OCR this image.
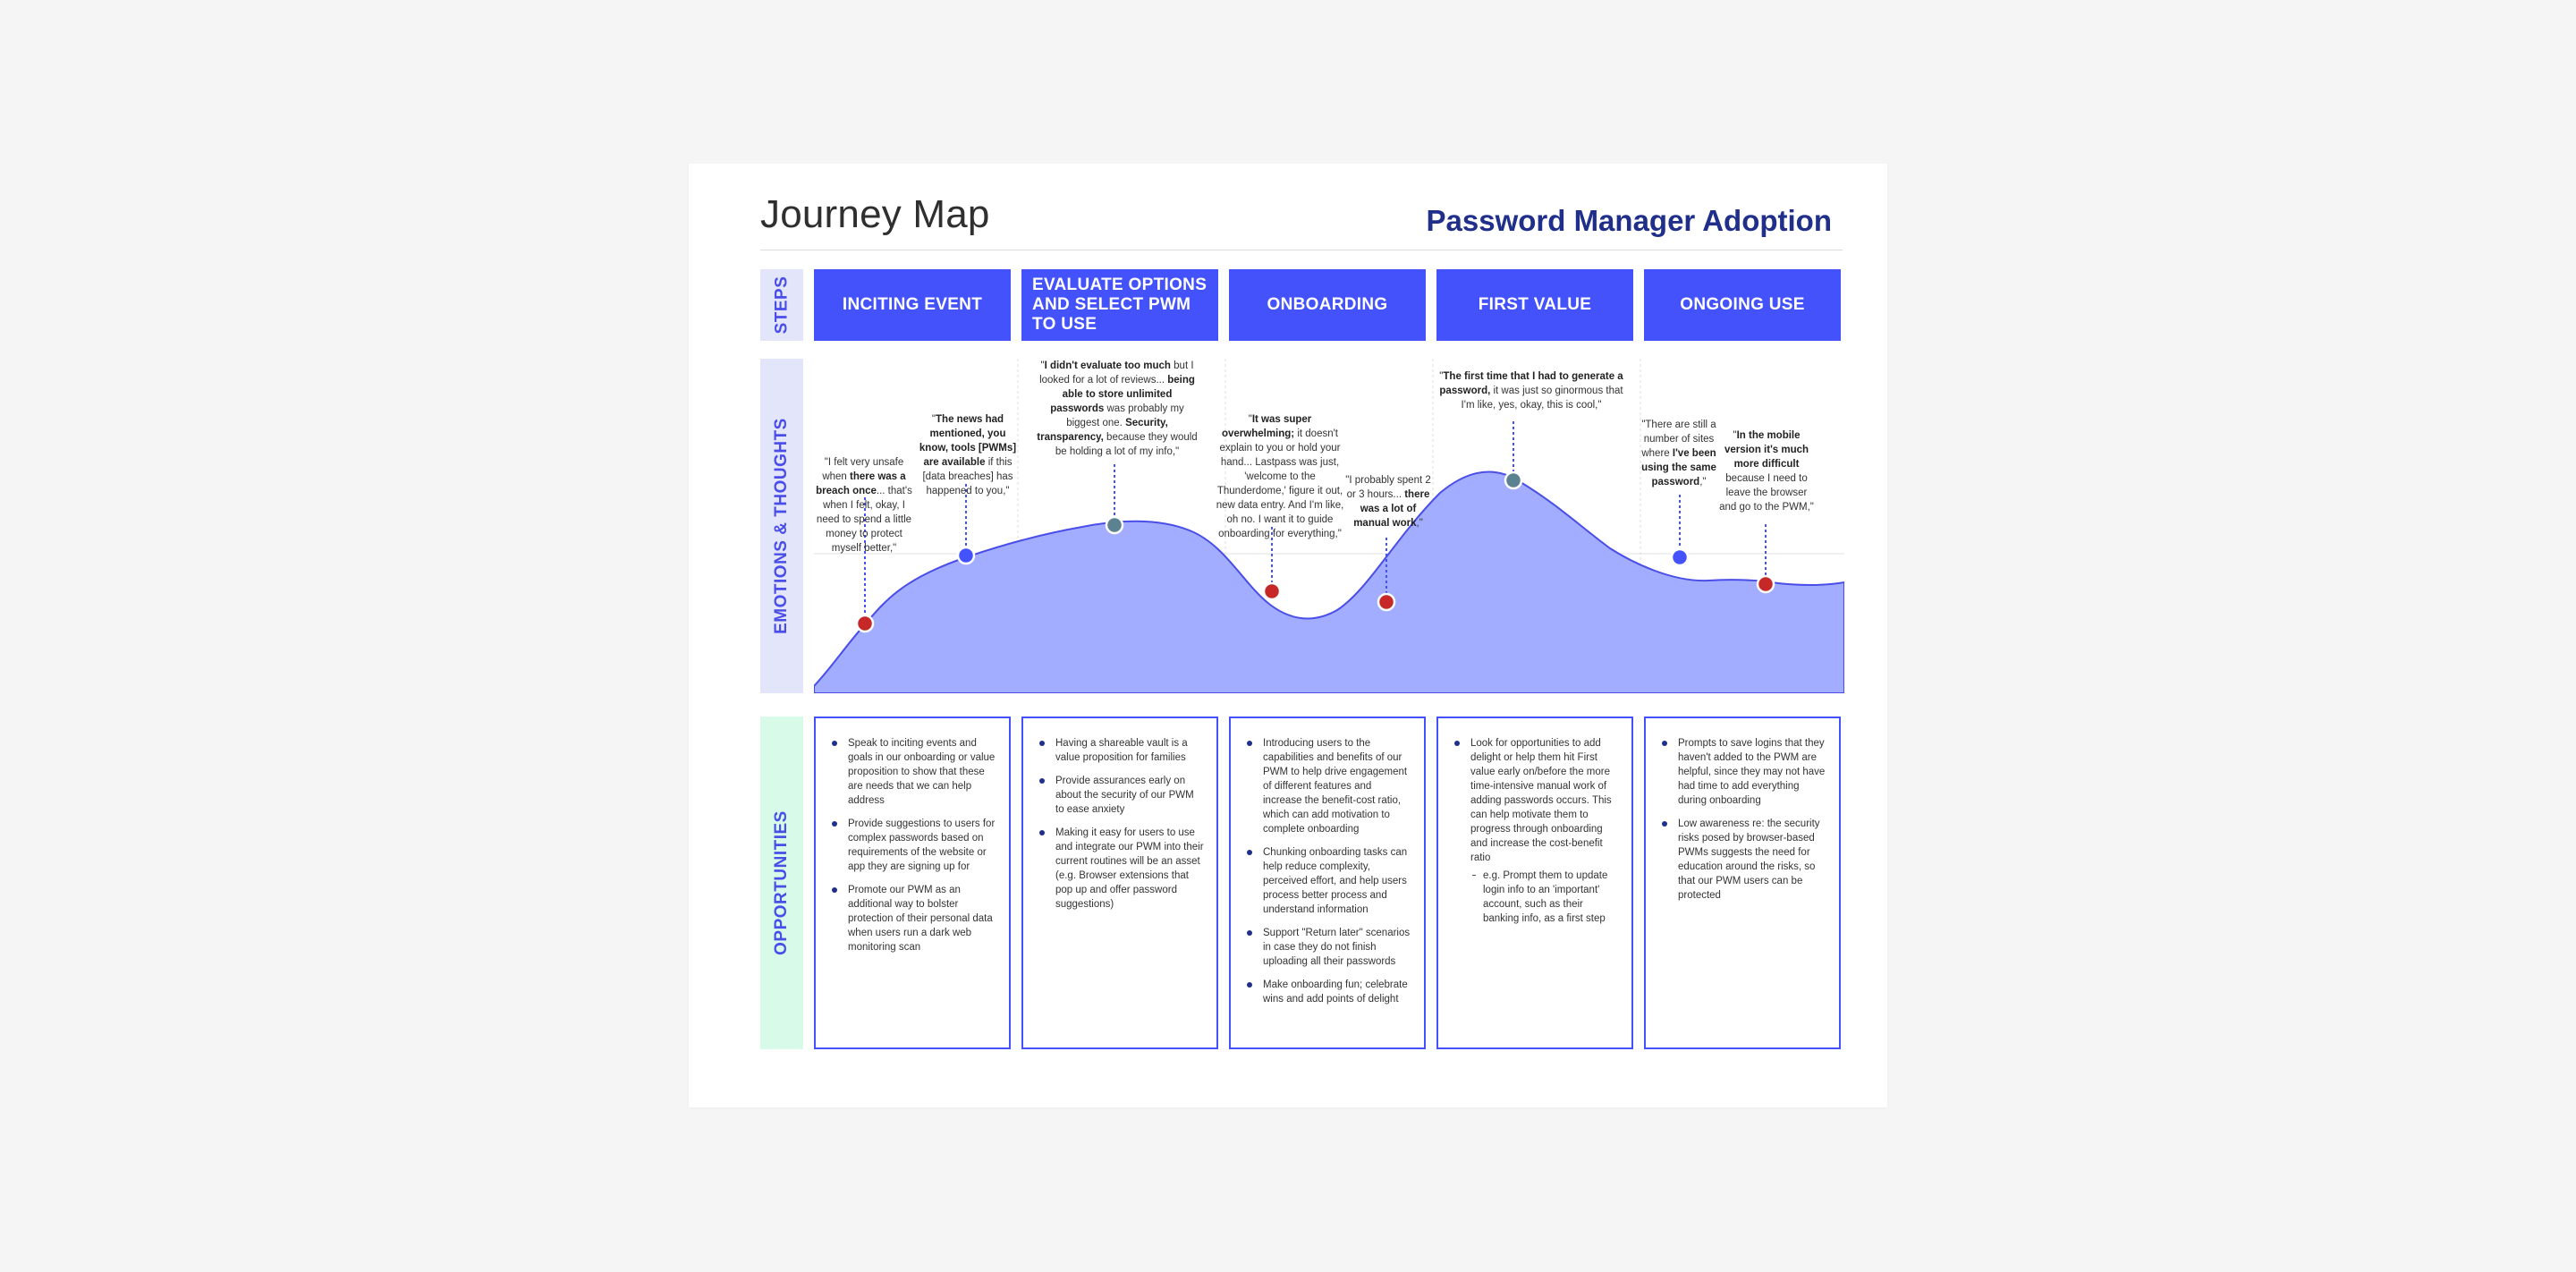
Journey Map	Password Manager Adoption
STEPS
EMOTIONS & THOUGHTS
OPPORTUNITIES
INCITING EVENT
EVALUATE OPTIONS AND SELECT PWM TO USE
ONBOARDING	FIRST VALUE	ONGOING USE
"I felt very unsafe when there was a breach once... that's when I felt, okay, I need to spend a little money to protect myself better,"
"The news had mentioned, you know, tools [PWMs] are available if this [data breaches] has happened to you,"
"I didn't evaluate too much but I looked for a lot of reviews... being able to store unlimited passwords was probably my biggest one. Security, transparency, because they would be holding a lot of my info,"
"It was super overwhelming; it doesn't explain to you or hold your hand... Lastpass was just, 'welcome to the Thunderdome,' figure it out, new data entry. And I'm like, oh no. I want it to guide onboarding for everything,"
"I probably spent 2 or 3 hours... there was a lot of manual work,"
"The first time that I had to generate a password, it was just so ginormous that I'm like, yes, okay, this is cool,"
"There are still a number of sites where I've been using the same password,"
"In the mobile version it's much more difficult because I need to leave the browser and go to the PWM,"
Speak to inciting events and goals in our onboarding or value proposition to show that these are needs that we can help address
Provide suggestions to users for complex passwords based on requirements of the website or app they are signing up for
Promote our PWM as an additional way to bolster protection of their personal data when users run a dark web monitoring scan
Having a shareable vault is a value proposition for families
Provide assurances early on about the security of our PWM to ease anxiety
Making it easy for users to use and integrate our PWM into their current routines will be an asset (e.g. Browser extensions that pop up and offer password suggestions)
Introducing users to the capabilities and benefits of our PWM to help drive engagement of different features and increase the benefit-cost ratio, which can add motivation to complete onboarding
Chunking onboarding tasks can help reduce complexity, perceived effort, and help users process better process and understand information
Support "Return later" scenarios in case they do not finish uploading all their passwords
Make onboarding fun; celebrate wins and add points of delight
Look for opportunities to add delight or help them hit First value early on/before the more time-intensive manual work of adding passwords occurs. This can help motivate them to progress through onboarding and increase the cost-benefit ratio
e.g. Prompt them to update login info to an 'important' account, such as their banking info, as a first step
Prompts to save logins that they haven't added to the PWM are helpful, since they may not have had time to add everything during onboarding
Low awareness re: the security risks posed by browser-based PWMs suggests the need for education around the risks, so that our PWM users can be protected
